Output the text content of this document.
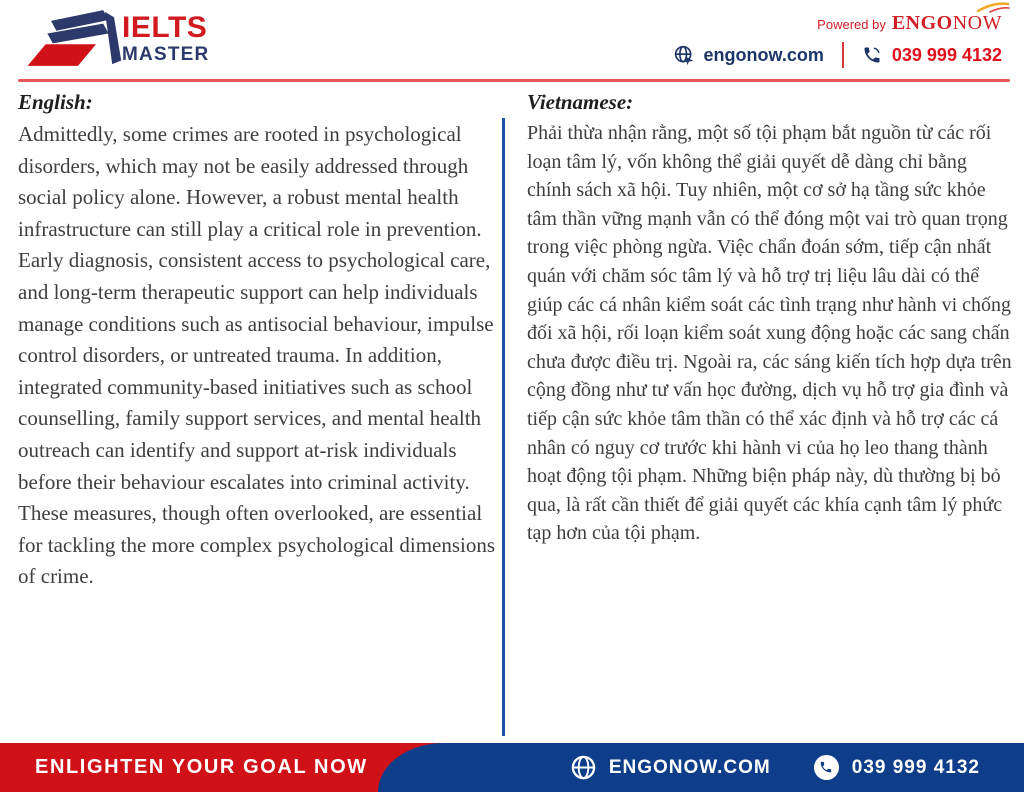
IELTS
MASTER
Powered by ENGONOW
engonow.com	039 999 4132
English:

Admittedly, some crimes are rooted in psychological disorders, which may not be easily addressed through social policy alone. However, a robust mental health infrastructure can still play a critical role in prevention. Early diagnosis, consistent access to psychological care, and long-term therapeutic support can help individuals manage conditions such as antisocial behaviour, impulse control disorders, or untreated trauma. In addition, integrated community-based initiatives such as school counselling, family support services, and mental health outreach can identify and support at-risk individuals before their behaviour escalates into criminal activity. These measures, though often overlooked, are essential for tackling the more complex psychological dimensions of crime.

Vietnamese:

Phải thừa nhận rằng, một số tội phạm bắt nguồn từ các rối loạn tâm lý, vốn không thể giải quyết dễ dàng chỉ bằng chính sách xã hội. Tuy nhiên, một cơ sở hạ tầng sức khỏe tâm thần vững mạnh vẫn có thể đóng một vai trò quan trọng trong việc phòng ngừa. Việc chẩn đoán sớm, tiếp cận nhất quán với chăm sóc tâm lý và hỗ trợ trị liệu lâu dài có thể giúp các cá nhân kiểm soát các tình trạng như hành vi chống đối xã hội, rối loạn kiểm soát xung động hoặc các sang chấn chưa được điều trị. Ngoài ra, các sáng kiến tích hợp dựa trên cộng đồng như tư vấn học đường, dịch vụ hỗ trợ gia đình và tiếp cận sức khỏe tâm thần có thể xác định và hỗ trợ các cá nhân có nguy cơ trước khi hành vi của họ leo thang thành hoạt động tội phạm. Những biện pháp này, dù thường bị bỏ qua, là rất cần thiết để giải quyết các khía cạnh tâm lý phức tạp hơn của tội phạm.

ENLIGHTEN YOUR GOAL NOW	ENGONOW.COM	039 999 4132
